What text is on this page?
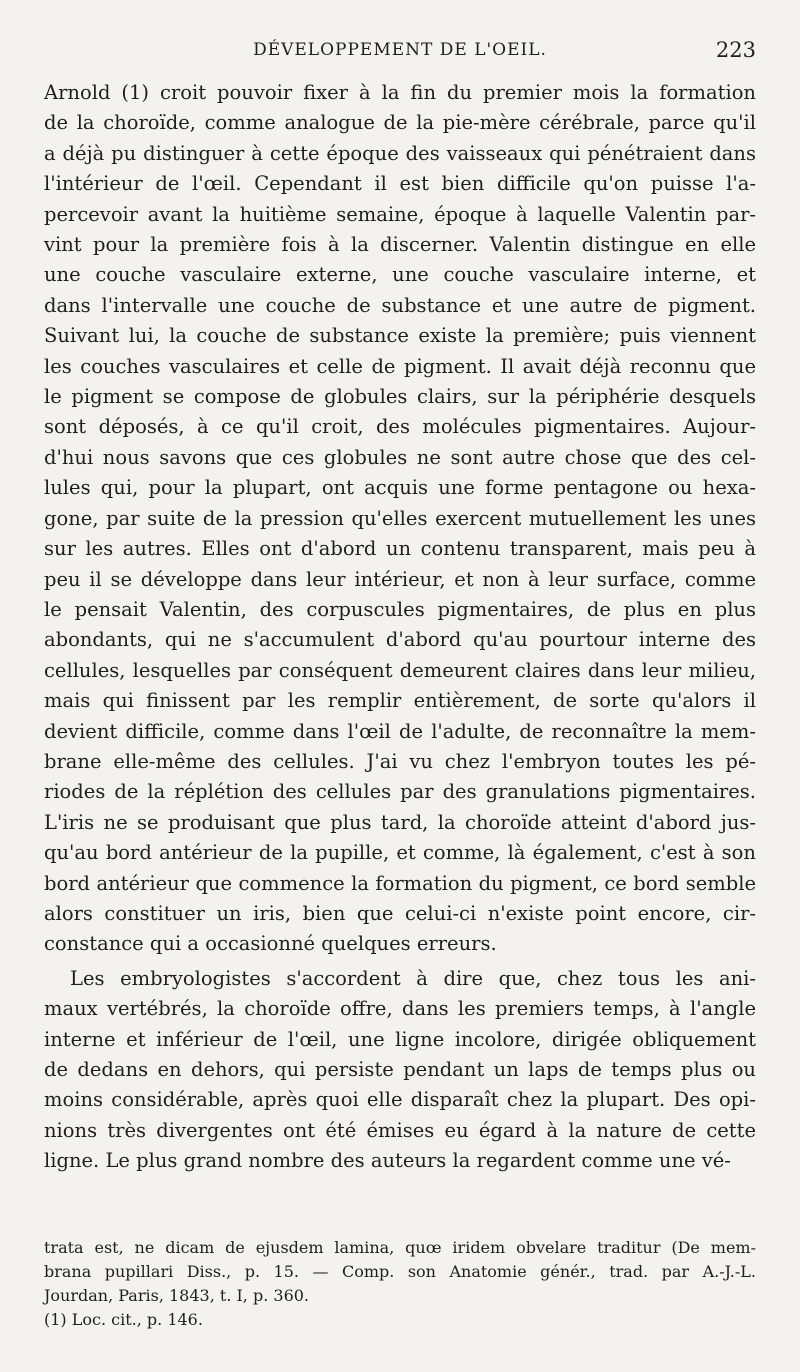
DÉVELOPPEMENT DE L'OEIL.	223

Arnold (1) croit pouvoir fixer à la fin du premier mois la formation
de la choroïde, comme analogue de la pie-mère cérébrale, parce qu'il
a déjà pu distinguer à cette époque des vaisseaux qui pénétraient dans
l'intérieur de l'œil. Cependant il est bien difficile qu'on puisse l'a-
percevoir avant la huitième semaine, époque à laquelle Valentin par-
vint pour la première fois à la discerner. Valentin distingue en elle
une couche vasculaire externe, une couche vasculaire interne, et
dans l'intervalle une couche de substance et une autre de pigment.
Suivant lui, la couche de substance existe la première; puis viennent
les couches vasculaires et celle de pigment. Il avait déjà reconnu que
le pigment se compose de globules clairs, sur la périphérie desquels
sont déposés, à ce qu'il croit, des molécules pigmentaires. Aujour-
d'hui nous savons que ces globules ne sont autre chose que des cel-
lules qui, pour la plupart, ont acquis une forme pentagone ou hexa-
gone, par suite de la pression qu'elles exercent mutuellement les unes
sur les autres. Elles ont d'abord un contenu transparent, mais peu à
peu il se développe dans leur intérieur, et non à leur surface, comme
le pensait Valentin, des corpuscules pigmentaires, de plus en plus
abondants, qui ne s'accumulent d'abord qu'au pourtour interne des
cellules, lesquelles par conséquent demeurent claires dans leur milieu,
mais qui finissent par les remplir entièrement, de sorte qu'alors il
devient difficile, comme dans l'œil de l'adulte, de reconnaître la mem-
brane elle-même des cellules. J'ai vu chez l'embryon toutes les pé-
riodes de la réplétion des cellules par des granulations pigmentaires.
L'iris ne se produisant que plus tard, la choroïde atteint d'abord jus-
qu'au bord antérieur de la pupille, et comme, là également, c'est à son
bord antérieur que commence la formation du pigment, ce bord semble
alors constituer un iris, bien que celui-ci n'existe point encore, cir-
constance qui a occasionné quelques erreurs.

Les embryologistes s'accordent à dire que, chez tous les ani-
maux vertébrés, la choroïde offre, dans les premiers temps, à l'angle
interne et inférieur de l'œil, une ligne incolore, dirigée obliquement
de dedans en dehors, qui persiste pendant un laps de temps plus ou
moins considérable, après quoi elle disparaît chez la plupart. Des opi-
nions très divergentes ont été émises eu égard à la nature de cette
ligne. Le plus grand nombre des auteurs la regardent comme une vé-

trata est, ne dicam de ejusdem lamina, quœ iridem obvelare traditur (De mem-
brana pupillari Diss., p. 15. — Comp. son Anatomie génér., trad. par A.-J.-L.
Jourdan, Paris, 1843, t. I, p. 360.

(1) Loc. cit., p. 146.
